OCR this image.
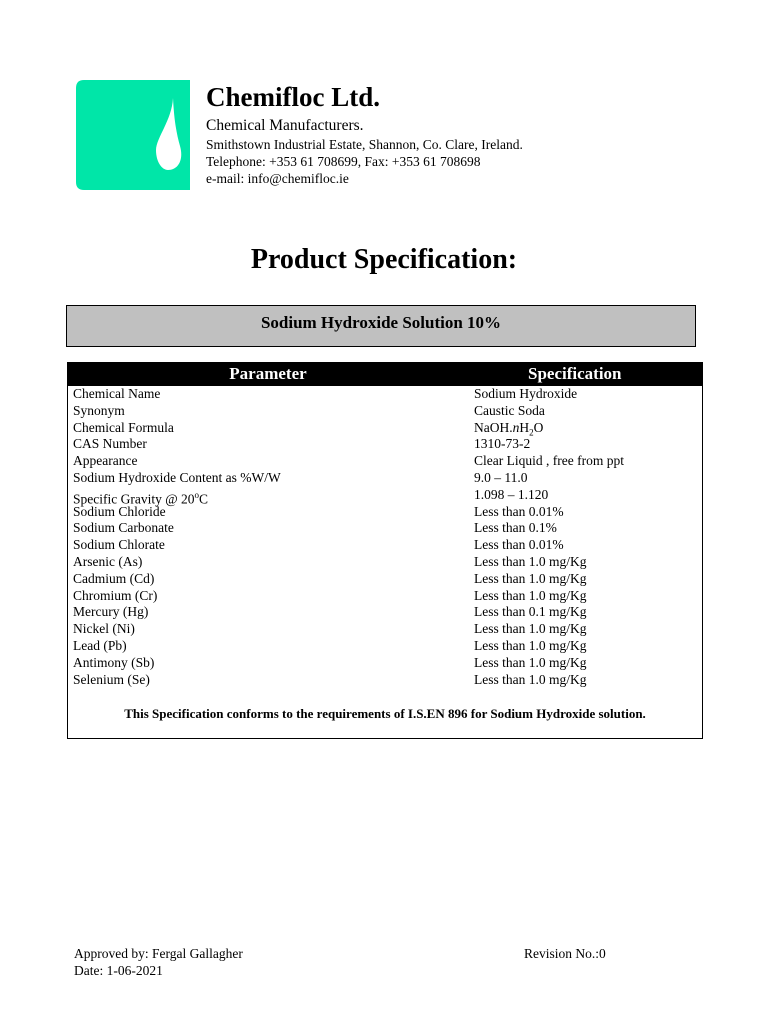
Chemifloc Ltd.
Chemical Manufacturers.
Smithstown Industrial Estate, Shannon, Co. Clare, Ireland.
Telephone: +353 61 708699, Fax: +353 61 708698
e-mail: info@chemifloc.ie
Product Specification:
Sodium Hydroxide Solution 10%
Parameter	Specification
Chemical Name	Sodium Hydroxide
Synonym	Caustic Soda
Chemical Formula	$NaOH.nH_2O$
CAS Number	1310-73-2
Appearance	Clear Liquid , free from ppt
Sodium Hydroxide Content as %W/W	9.0 – 11.0
Specific Gravity @ 20$^o$C	1.098 – 1.120
Sodium Chloride	Less than 0.01%
Sodium Carbonate	Less than 0.1%
Sodium Chlorate	Less than 0.01%
Arsenic (As)	Less than 1.0 mg/Kg
Cadmium (Cd)	Less than 1.0 mg/Kg
Chromium (Cr)	Less than 1.0 mg/Kg
Mercury (Hg)	Less than 0.1 mg/Kg
Nickel (Ni)	Less than 1.0 mg/Kg
Lead (Pb)	Less than 1.0 mg/Kg
Antimony (Sb)	Less than 1.0 mg/Kg
Selenium (Se)	Less than 1.0 mg/Kg
This Specification conforms to the requirements of I.S.EN 896 for Sodium Hydroxide solution.
Approved by: Fergal Gallagher
Date: 1-06-2021
Revision No.:0
